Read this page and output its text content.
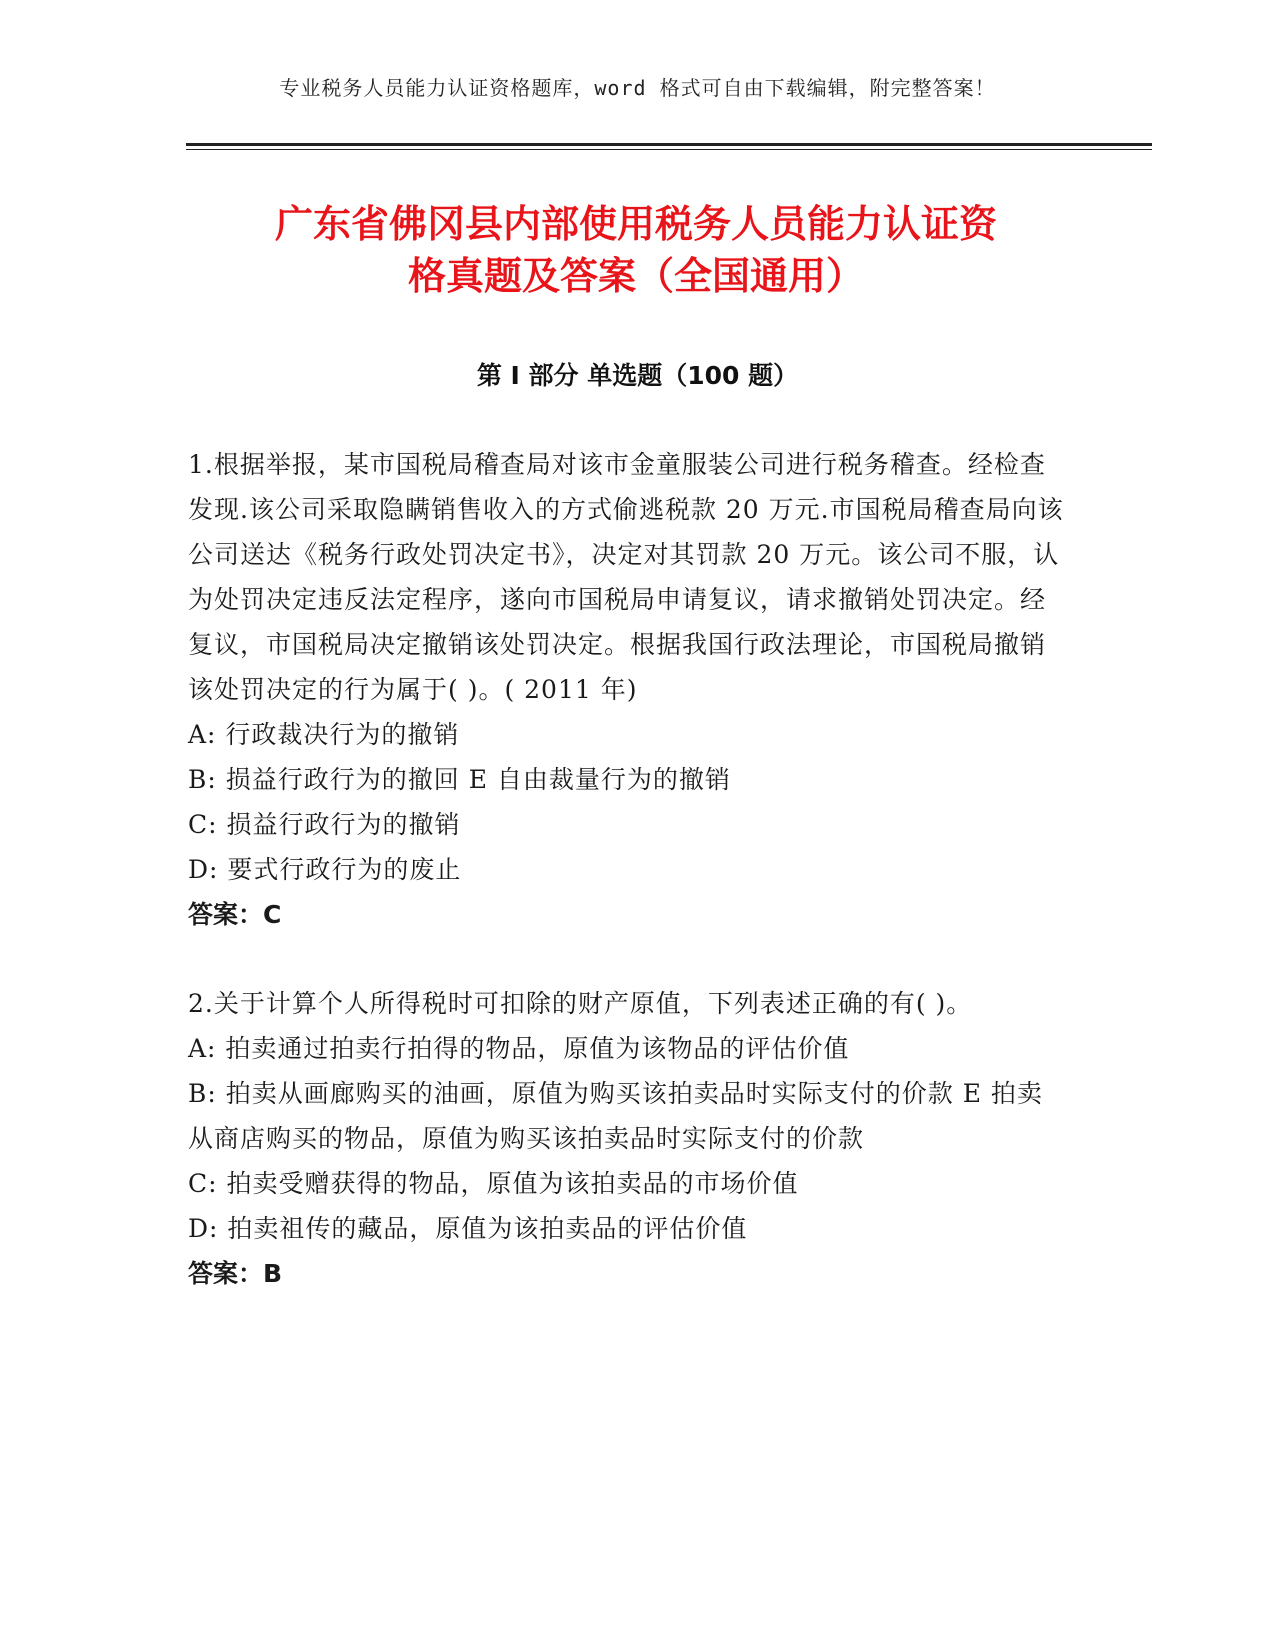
专业税务人员能力认证资格题库，word 格式可自由下载编辑，附完整答案！
广东省佛冈县内部使用税务人员能力认证资
格真题及答案（全国通用）
第 I 部分 单选题（100 题）

1.根据举报，某市国税局稽查局对该市金童服装公司进行税务稽查。经检查发现.该公司采取隐瞒销售收入的方式偷逃税款 20 万元.市国税局稽查局向该公司送达《税务行政处罚决定书》，决定对其罚款 20 万元。该公司不服，认为处罚决定违反法定程序，遂向市国税局申请复议，请求撤销处罚决定。经复议，市国税局决定撤销该处罚决定。根据我国行政法理论，市国税局撤销该处罚决定的行为属于( )。( 2011 年)

A: 行政裁决行为的撤销

B: 损益行政行为的撤回 E 自由裁量行为的撤销

C: 损益行政行为的撤销

D: 要式行政行为的废止

答案：C

2.关于计算个人所得税时可扣除的财产原值，下列表述正确的有( )。

A: 拍卖通过拍卖行拍得的物品，原值为该物品的评估价值

B: 拍卖从画廊购买的油画，原值为购买该拍卖品时实际支付的价款 E 拍卖从商店购买的物品，原值为购买该拍卖品时实际支付的价款

C: 拍卖受赠获得的物品，原值为该拍卖品的市场价值

D: 拍卖祖传的藏品，原值为该拍卖品的评估价值

答案：B
